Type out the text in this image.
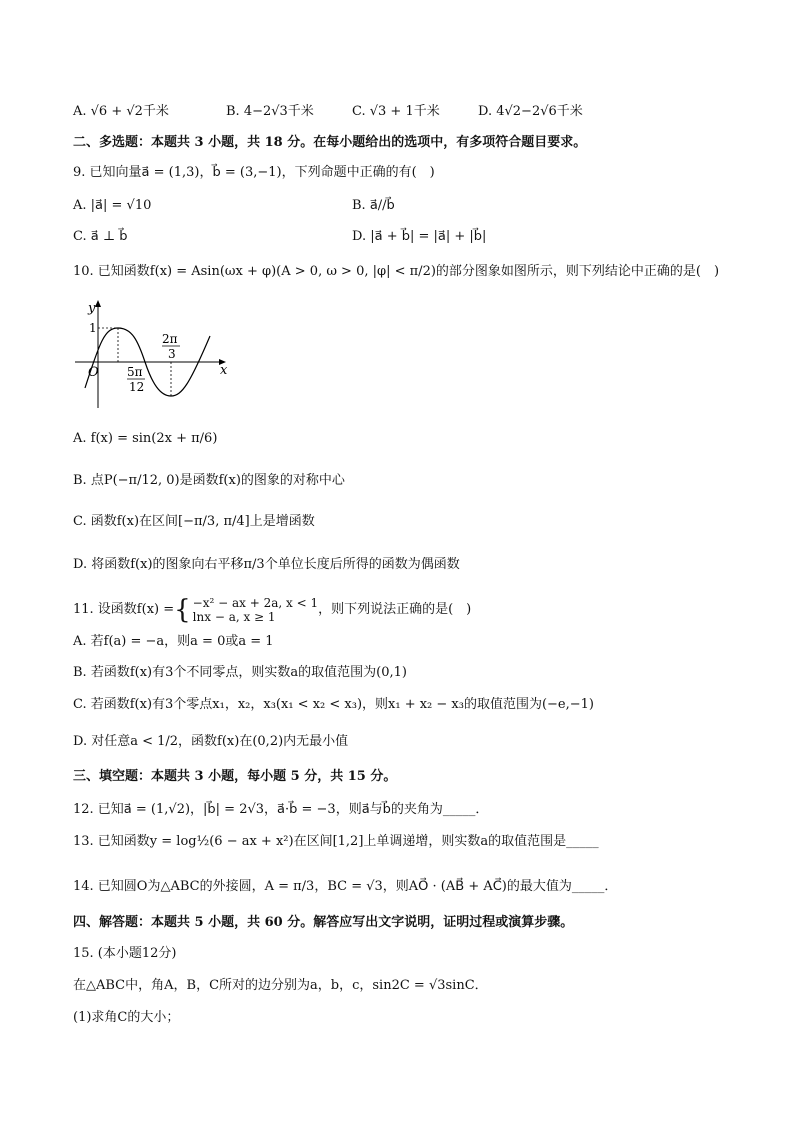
A. √6 + √2千米	B. 4−2√3千米	C. √3 + 1千米	D. 4√2−2√6千米
二、多选题：本题共 3 小题，共 18 分。在每小题给出的选项中，有多项符合题目要求。
9. 已知向量a⃗ = (1,3)，b⃗ = (3,−1)，下列命题中正确的有(　)
A. |a⃗| = √10	B. a⃗//b⃗
C. a⃗ ⊥ b⃗	D. |a⃗ + b⃗| = |a⃗| + |b⃗|
10. 已知函数f(x) = Asin(ωx + φ)(A > 0, ω > 0, |φ| < π/2)的部分图象如图所示，则下列结论中正确的是(　)
y
x
O
1
5π
12
2π
3
A. f(x) = sin(2x + π/6)
B. 点P(−π/12, 0)是函数f(x)的图象的对称中心
C. 函数f(x)在区间[−π/3, π/4]上是增函数
D. 将函数f(x)的图象向右平移π/3个单位长度后所得的函数为偶函数
11. 设函数f(x) = { −x² − ax + 2a, x < 1
lnx − a, x ≥ 1	，则下列说法正确的是(　)
A. 若f(a) = −a，则a = 0或a = 1
B. 若函数f(x)有3个不同零点，则实数a的取值范围为(0,1)
C. 若函数f(x)有3个零点x₁，x₂，x₃(x₁ < x₂ < x₃)，则x₁ + x₂ − x₃的取值范围为(−e,−1)
D. 对任意a < 1/2，函数f(x)在(0,2)内无最小值
三、填空题：本题共 3 小题，每小题 5 分，共 15 分。
12. 已知a⃗ = (1,√2)，|b⃗| = 2√3，a⃗·b⃗ = −3，则a⃗与b⃗的夹角为_____．
13. 已知函数y = log½(6 − ax + x²)在区间[1,2]上单调递增，则实数a的取值范围是_____
14. 已知圆O为△ABC的外接圆，A = π/3，BC = √3，则AO⃗ · (AB⃗ + AC⃗)的最大值为_____．
四、解答题：本题共 5 小题，共 60 分。解答应写出文字说明，证明过程或演算步骤。
15. (本小题12分)
在△ABC中，角A，B，C所对的边分别为a，b，c，sin2C = √3sinC．
(1)求角C的大小；
